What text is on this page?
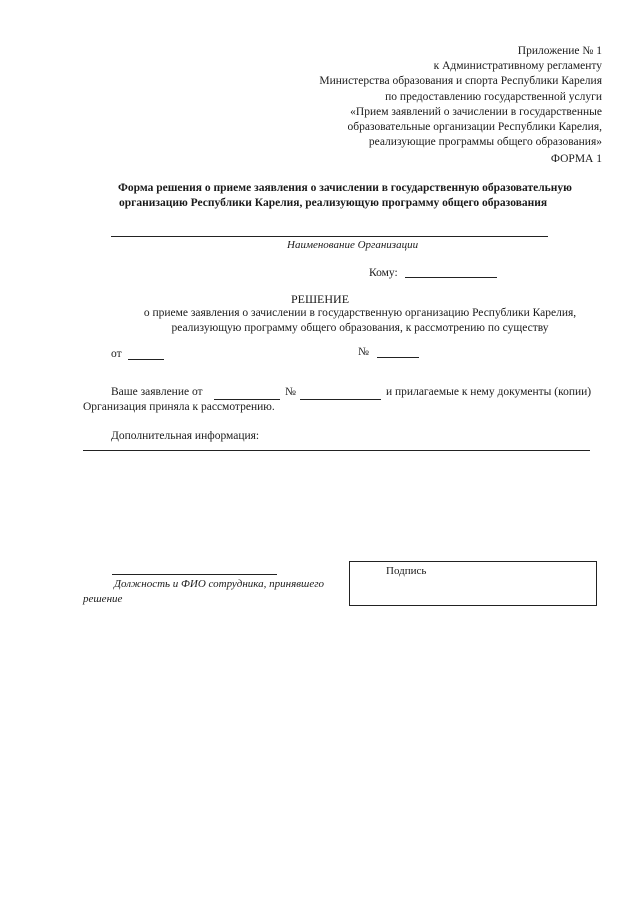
Приложение № 1
к Административному регламенту
Министерства образования и спорта Республики Карелия
по предоставлению государственной услуги
«Прием заявлений о зачислении в государственные
образовательные организации Республики Карелия,
реализующие программы общего образования»
ФОРМА 1
Форма решения о приеме заявления о зачислении в государственную образовательную
организацию Республики Карелия, реализующую программу общего образования
Наименование Организации
Кому:
РЕШЕНИЕ
о приеме заявления о зачислении в государственную организацию Республики Карелия,
реализующую программу общего образования, к рассмотрению по существу
от	№
Ваше заявление от	№	и прилагаемые к нему документы (копии)
Организация приняла к рассмотрению.
Дополнительная информация:
Должность и ФИО сотрудника, принявшего решение
Подпись
